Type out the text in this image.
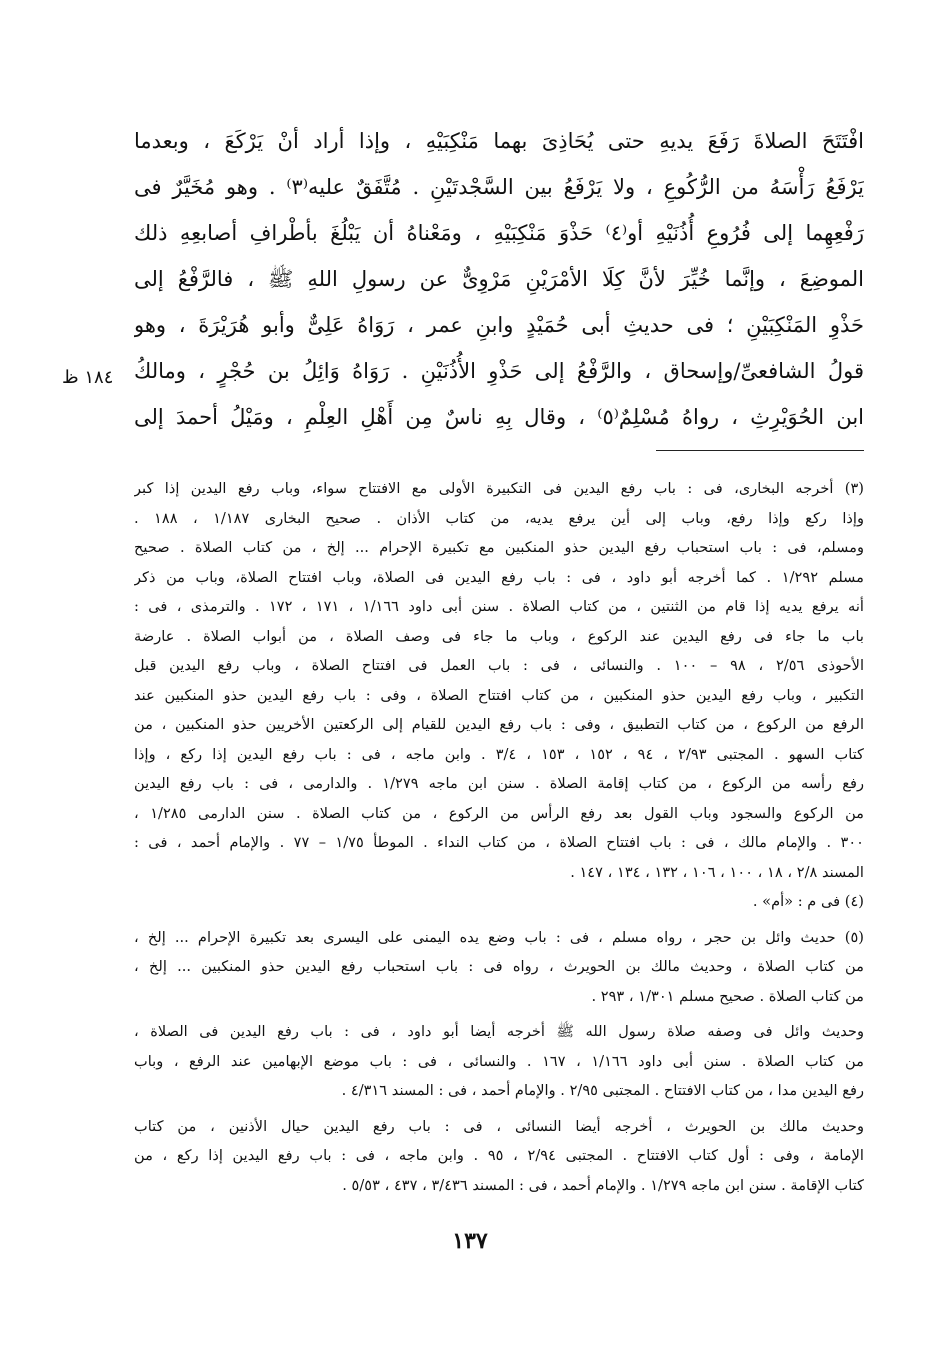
افْتَتَحَ الصلاةَ رَفَعَ يديهِ حتى يُحَاذِىَ بهما مَنْكِبَيْهِ ، وإذا أراد أنْ يَرْكَعَ ، وبعدما
يَرْفَعُ رَأْسَهُ من الرُّكُوعِ ، ولا يَرْفَعُ بين السَّجْدتَيْنِ . مُتَّفَقٌ عليه⁽٣⁾ . وهو مُخَيَّرٌ فى
رَفْعِهِما إلى فُرُوعِ أُذُنَيْهِ أو⁽٤⁾ حَذْوَ مَنْكِبَيْهِ ، ومَعْناهُ أن يَبْلُغَ بأطْرافِ أصابعِهِ ذلك
الموضِعَ ، وإنَّما خُيِّرَ لأنَّ كِلَا الأمْرَيْنِ مَرْوِىٌّ عن رسولِ اللهِ ﷺ ، فالرَّفْعُ إلى
حَذْوِ المَنْكِبَيْنِ ؛ فى حديثِ أبى حُمَيْدٍ وابنِ عمر ، رَوَاهُ عَلِىٌّ وأبو هُرَيْرَةَ ، وهو
قولُ الشافعىِّ/وإسحاق ، والرَّفْعُ إلى حَذْوِ الأُذُنَيْنِ . رَوَاهُ وَائِلُ بن حُجْرٍ ، ومالكُ
ابن الحُوَيْرِثِ ، رواهُ مُسْلِمٌ⁽٥⁾ ، وقال بِهِ ناسٌ مِن أَهْلِ العِلْمِ ، ومَيْلُ أحمدَ إلى
١٨٤ ظ
(٣) أخرجه البخارى، فى : باب رفع اليدين فى التكبيرة الأولى مع الافتتاح سواء، وباب رفع اليدين إذا كبر
وإذا ركع وإذا رفع، وباب إلى أين يرفع يديه، من كتاب الأذان . صحيح البخارى ١/١٨٧ ، ١٨٨ .
ومسلم، فى : باب استحباب رفع اليدين حذو المنكبين مع تكبيرة الإحرام ... إلخ ، من كتاب الصلاة . صحيح
مسلم ١/٢٩٢ . كما أخرجه أبو داود ، فى : باب رفع اليدين فى الصلاة، وباب افتتاح الصلاة، وباب من ذكر
أنه يرفع يديه إذا قام من الثنتين ، من كتاب الصلاة . سنن أبى داود ١/١٦٦ ، ١٧١ ، ١٧٢ . والترمذى ، فى :
باب ما جاء فى رفع اليدين عند الركوع ، وباب ما جاء فى وصف الصلاة ، من أبواب الصلاة . عارضة
الأحوذى ٢/٥٦ ، ٩٨ – ١٠٠ . والنسائى ، فى : باب العمل فى افتتاح الصلاة ، وباب رفع اليدين قبل
التكبير ، وباب رفع اليدين حذو المنكبين ، من كتاب افتتاح الصلاة ، وفى : باب رفع اليدين حذو المنكبين عند
الرفع من الركوع ، من كتاب التطبيق ، وفى : باب رفع اليدين للقيام إلى الركعتين الأخريين حذو المنكبين ، من
كتاب السهو . المجتبى ٢/٩٣ ، ٩٤ ، ١٥٢ ، ١٥٣ ، ٣/٤ . وابن ماجه ، فى : باب رفع اليدين إذا ركع ، وإذا
رفع رأسه من الركوع ، من كتاب إقامة الصلاة . سنن ابن ماجه ١/٢٧٩ . والدارمى ، فى : باب رفع اليدين
من الركوع والسجود وباب القول بعد رفع الرأس من الركوع ، من كتاب الصلاة . سنن الدارمى ١/٢٨٥ ،
٣٠٠ . والإمام مالك ، فى : باب افتتاح الصلاة ، من كتاب النداء . الموطأ ١/٧٥ – ٧٧ . والإمام أحمد ، فى :
المسند ٢/٨ ، ١٨ ، ١٠٠ ، ١٠٦ ، ١٣٢ ، ١٣٤ ، ١٤٧ .
(٤) فى م : «أم» .
(٥) حديث وائل بن حجر ، رواه مسلم ، فى : باب وضع يده اليمنى على اليسرى بعد تكبيرة الإحرام ... إلخ ،
من كتاب الصلاة ، وحديث مالك بن الحويرث ، رواه فى : باب استحباب رفع اليدين حذو المنكبين ... إلخ ،
من كتاب الصلاة . صحيح مسلم ١/٣٠١ ، ٢٩٣ .
وحديث وائل فى وصفه صلاة رسول الله ﷺ أخرجه أيضا أبو داود ، فى : باب رفع اليدين فى الصلاة ،
من كتاب الصلاة . سنن أبى داود ١/١٦٦ ، ١٦٧ . والنسائى ، فى : باب موضع الإبهامين عند الرفع ، وباب
رفع اليدين مدا ، من كتاب الافتتاح . المجتبى ٢/٩٥ . والإمام أحمد ، فى : المسند ٤/٣١٦ .
وحديث مالك بن الحويرث ، أخرجه أيضا النسائى ، فى : باب رفع اليدين حيال الأذنين ، من كتاب
الإمامة ، وفى : أول كتاب الافتتاح . المجتبى ٢/٩٤ ، ٩٥ . وابن ماجه ، فى : باب رفع اليدين إذا ركع ، من
كتاب الإقامة . سنن ابن ماجه ١/٢٧٩ . والإمام أحمد ، فى : المسند ٣/٤٣٦ ، ٤٣٧ ، ٥/٥٣ .
١٣٧
